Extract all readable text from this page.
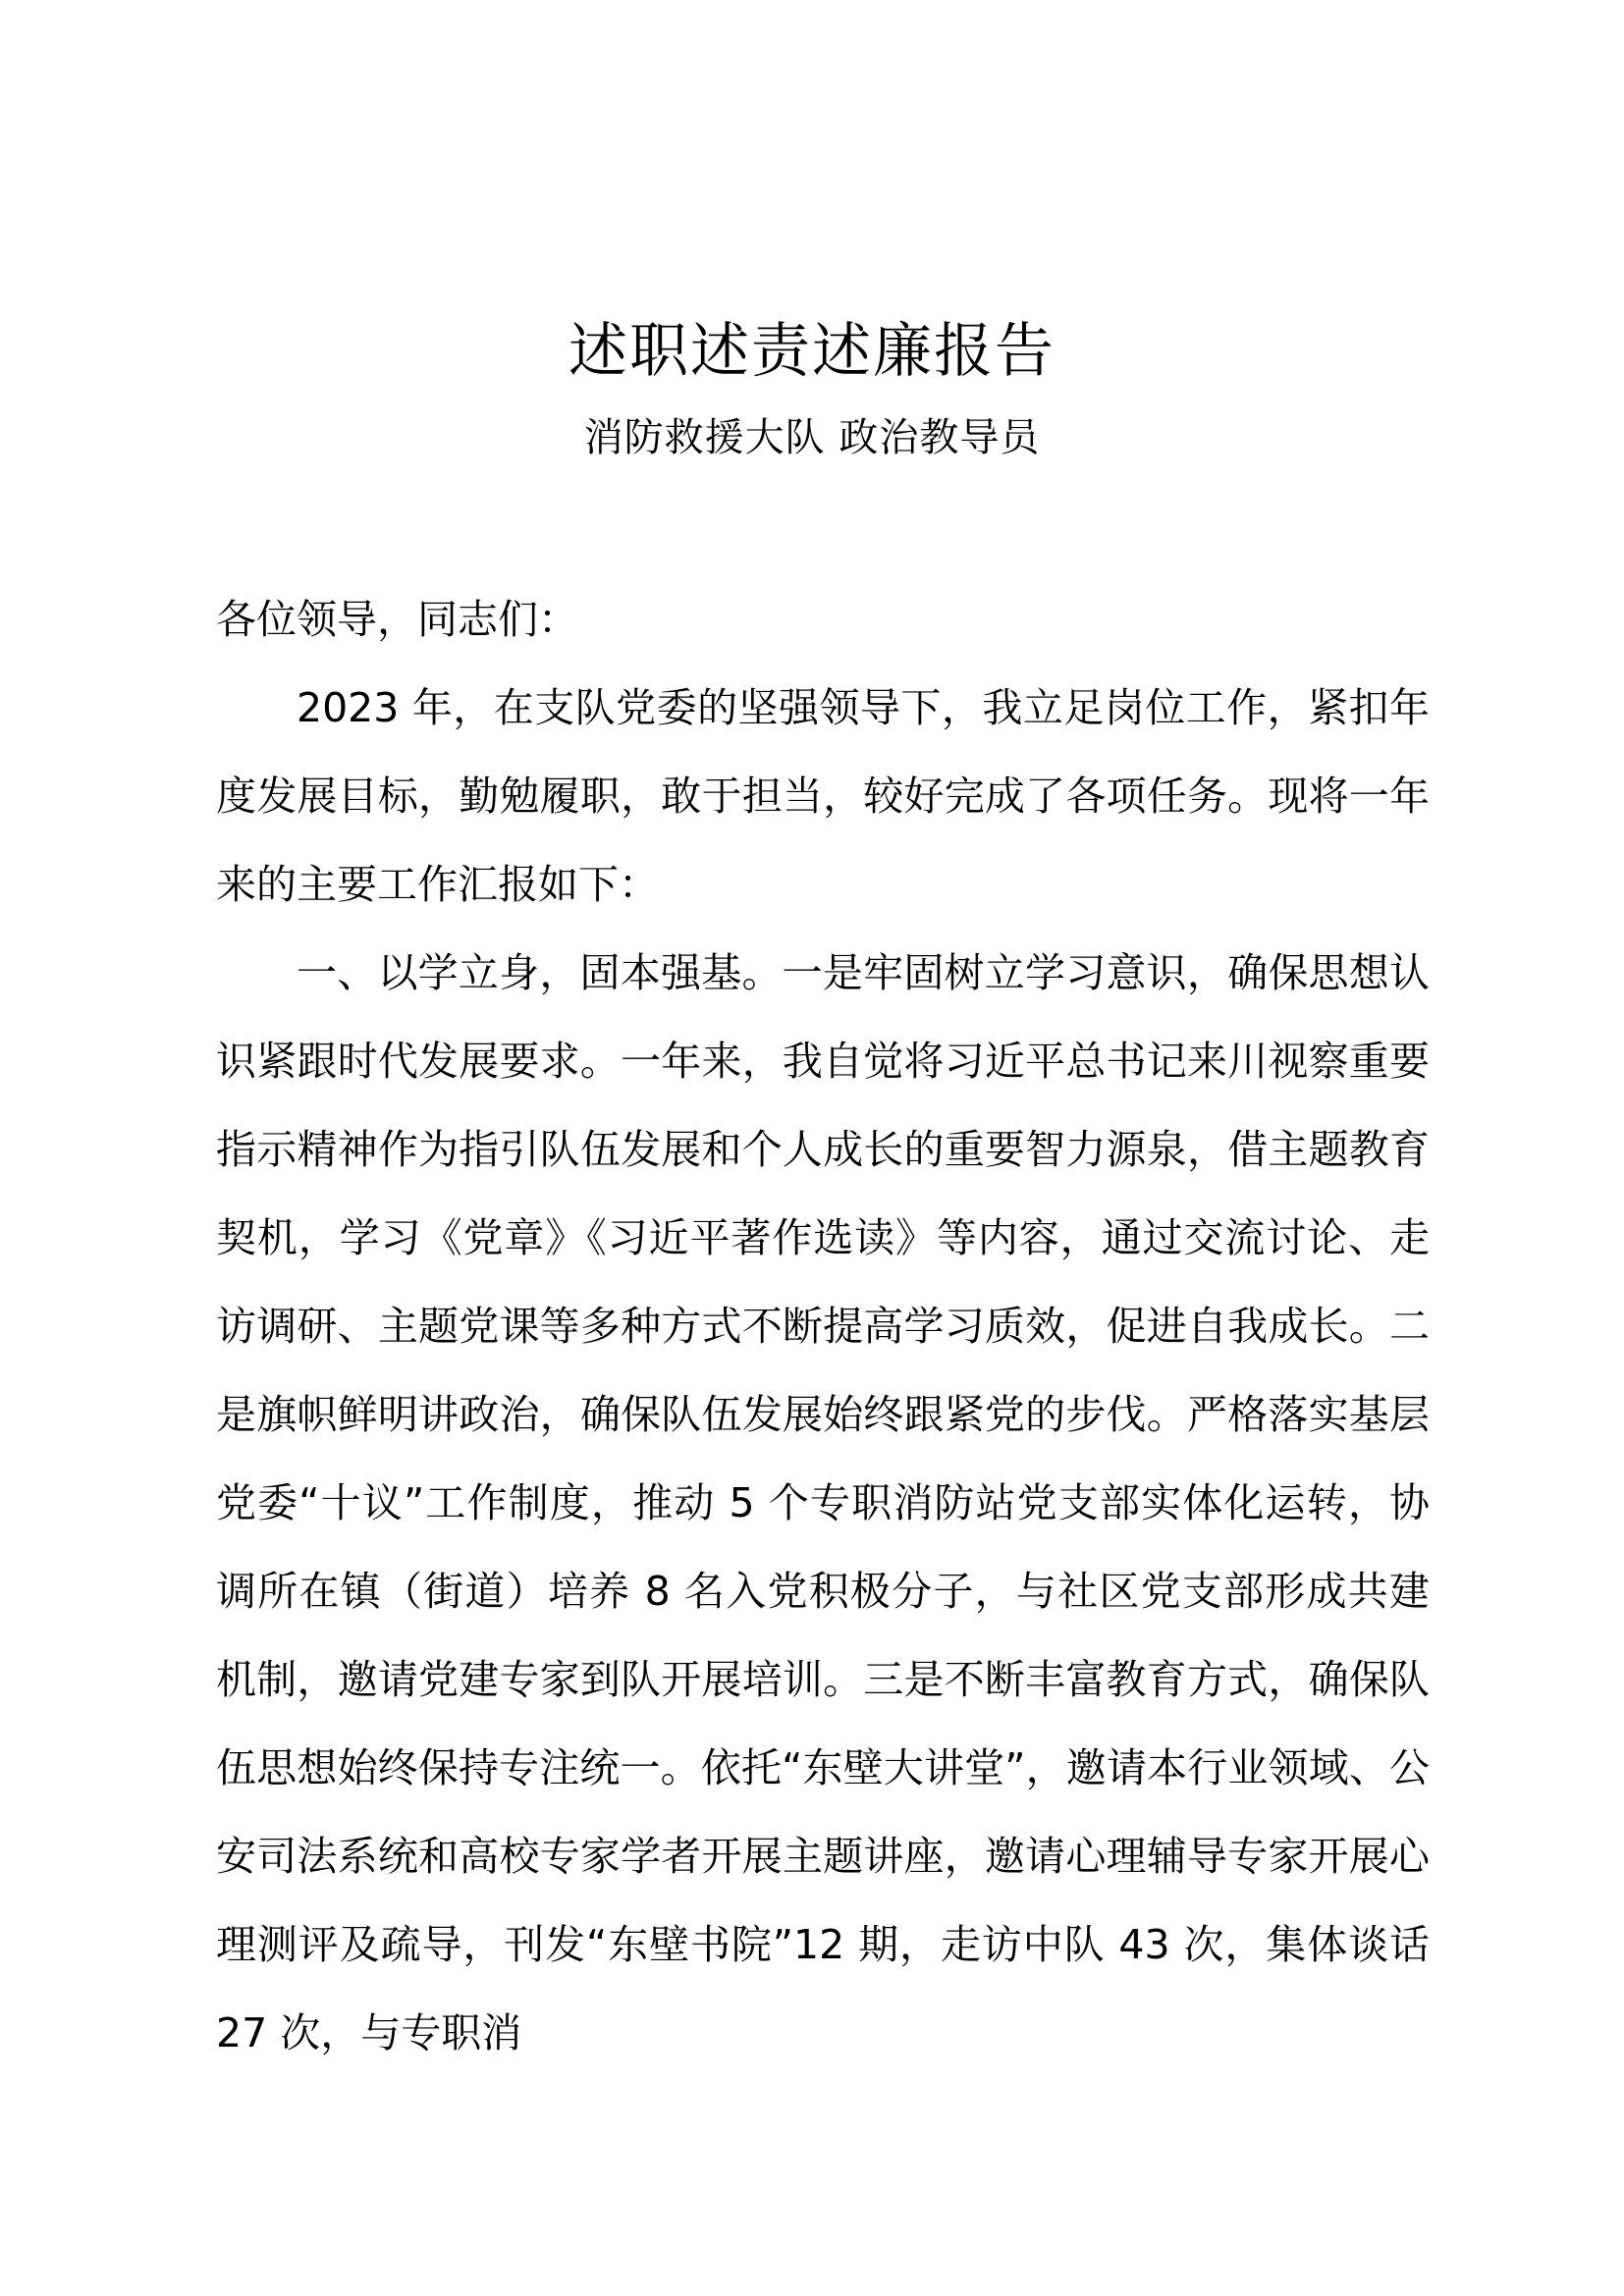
述职述责述廉报告

消防救援大队 政治教导员

各位领导，同志们：

2023 年，在支队党委的坚强领导下，我立足岗位工作，紧扣年度发展目标，勤勉履职，敢于担当，较好完成了各项任务。现将一年来的主要工作汇报如下：

一、以学立身，固本强基。一是牢固树立学习意识，确保思想认识紧跟时代发展要求。一年来，我自觉将习近平总书记来川视察重要指示精神作为指引队伍发展和个人成长的重要智力源泉，借主题教育契机，学习《党章》《习近平著作选读》等内容，通过交流讨论、走访调研、主题党课等多种方式不断提高学习质效，促进自我成长。二是旗帜鲜明讲政治，确保队伍发展始终跟紧党的步伐。严格落实基层党委“十议”工作制度，推动 5 个专职消防站党支部实体化运转，协调所在镇（街道）培养 8 名入党积极分子，与社区党支部形成共建机制，邀请党建专家到队开展培训。三是不断丰富教育方式，确保队伍思想始终保持专注统一。依托“东壁大讲堂”，邀请本行业领域、公安司法系统和高校专家学者开展主题讲座，邀请心理辅导专家开展心理测评及疏导，刊发“东壁书院”12 期，走访中队 43 次，集体谈话 27 次，与专职消
